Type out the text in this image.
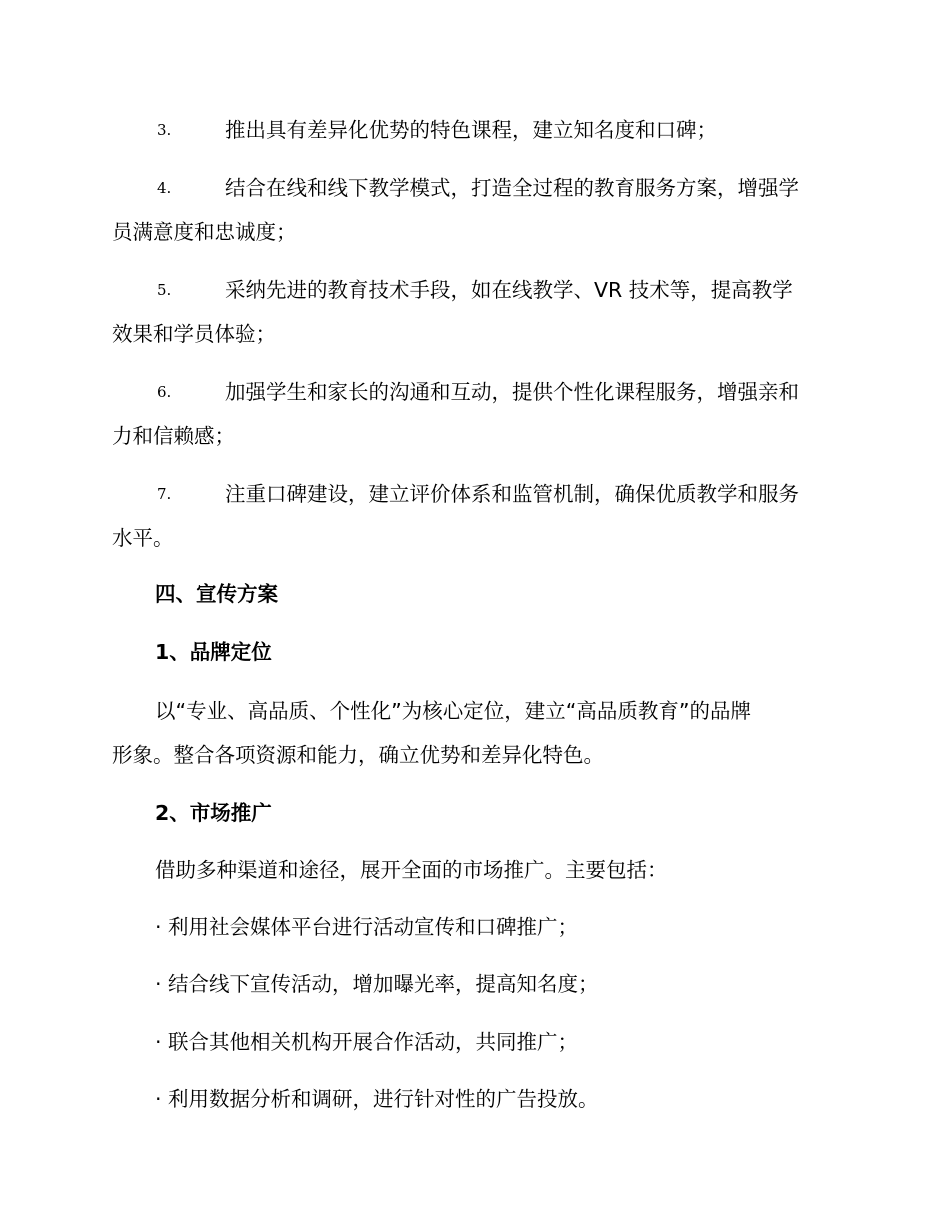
3.	推出具有差异化优势的特色课程，建立知名度和口碑；
4.	结合在线和线下教学模式，打造全过程的教育服务方案，增强学
员满意度和忠诚度；
5.	采纳先进的教育技术手段，如在线教学、VR 技术等，提高教学
效果和学员体验；
6.	加强学生和家长的沟通和互动，提供个性化课程服务，增强亲和
力和信赖感；
7.	注重口碑建设，建立评价体系和监管机制，确保优质教学和服务
水平。
四、宣传方案
1、品牌定位
以“专业、高品质、个性化”为核心定位，建立“高品质教育”的品牌
形象。整合各项资源和能力，确立优势和差异化特色。
2、市场推广
借助多种渠道和途径，展开全面的市场推广。主要包括：
· 利用社会媒体平台进行活动宣传和口碑推广；
· 结合线下宣传活动，增加曝光率，提高知名度；
· 联合其他相关机构开展合作活动，共同推广；
· 利用数据分析和调研，进行针对性的广告投放。
